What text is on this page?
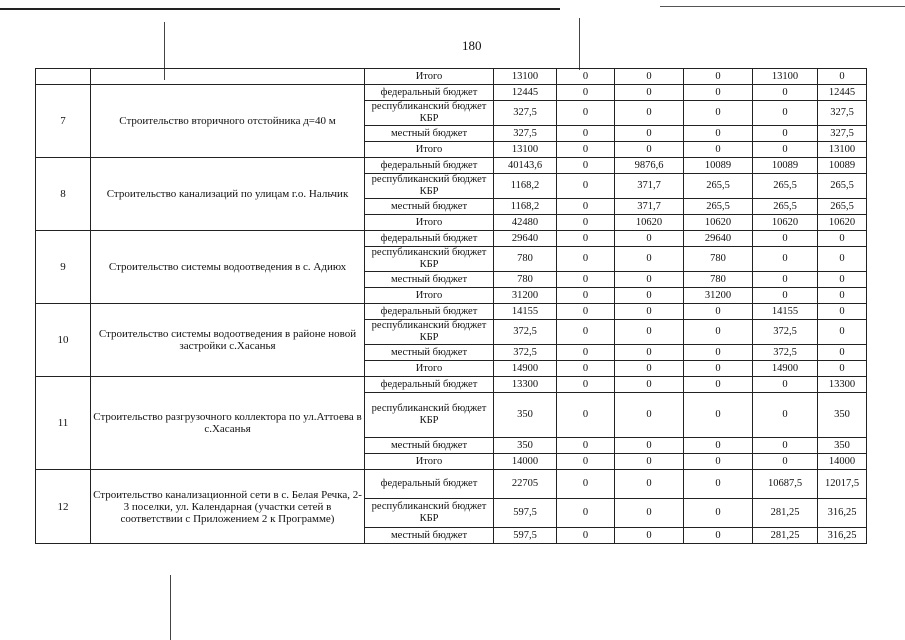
180
		Итого	13100	0	0	0	13100	0
7	Строительство вторичного отстойника д=40 м	федеральный бюджет	12445	0	0	0	0	12445
		республиканский бюджет КБР	327,5	0	0	0	0	327,5
		местный бюджет	327,5	0	0	0	0	327,5
		Итого	13100	0	0	0	0	13100
8	Строительство канализаций по улицам г.о. Нальчик	федеральный бюджет	40143,6	0	9876,6	10089	10089	10089
		республиканский бюджет КБР	1168,2	0	371,7	265,5	265,5	265,5
		местный бюджет	1168,2	0	371,7	265,5	265,5	265,5
		Итого	42480	0	10620	10620	10620	10620
9	Строительство системы водоотведения в с. Адиюх	федеральный бюджет	29640	0	0	29640	0	0
		республиканский бюджет КБР	780	0	0	780	0	0
		местный бюджет	780	0	0	780	0	0
		Итого	31200	0	0	31200	0	0
10	Строительство системы водоотведения в районе новой застройки с.Хасанья	федеральный бюджет	14155	0	0	0	14155	0
		республиканский бюджет КБР	372,5	0	0	0	372,5	0
		местный бюджет	372,5	0	0	0	372,5	0
		Итого	14900	0	0	0	14900	0
11	Строительство разгрузочного коллектора по ул.Аттоева в с.Хасанья	федеральный бюджет	13300	0	0	0	0	13300
		республиканский бюджет КБР	350	0	0	0	0	350
		местный бюджет	350	0	0	0	0	350
		Итого	14000	0	0	0	0	14000
12	Строительство канализационной сети в с. Белая Речка, 2-3 поселки, ул. Календарная (участки сетей в соответствии с Приложением 2 к Программе)	федеральный бюджет	22705	0	0	0	10687,5	12017,5
		республиканский бюджет КБР	597,5	0	0	0	281,25	316,25
		местный бюджет	597,5	0	0	0	281,25	316,25
